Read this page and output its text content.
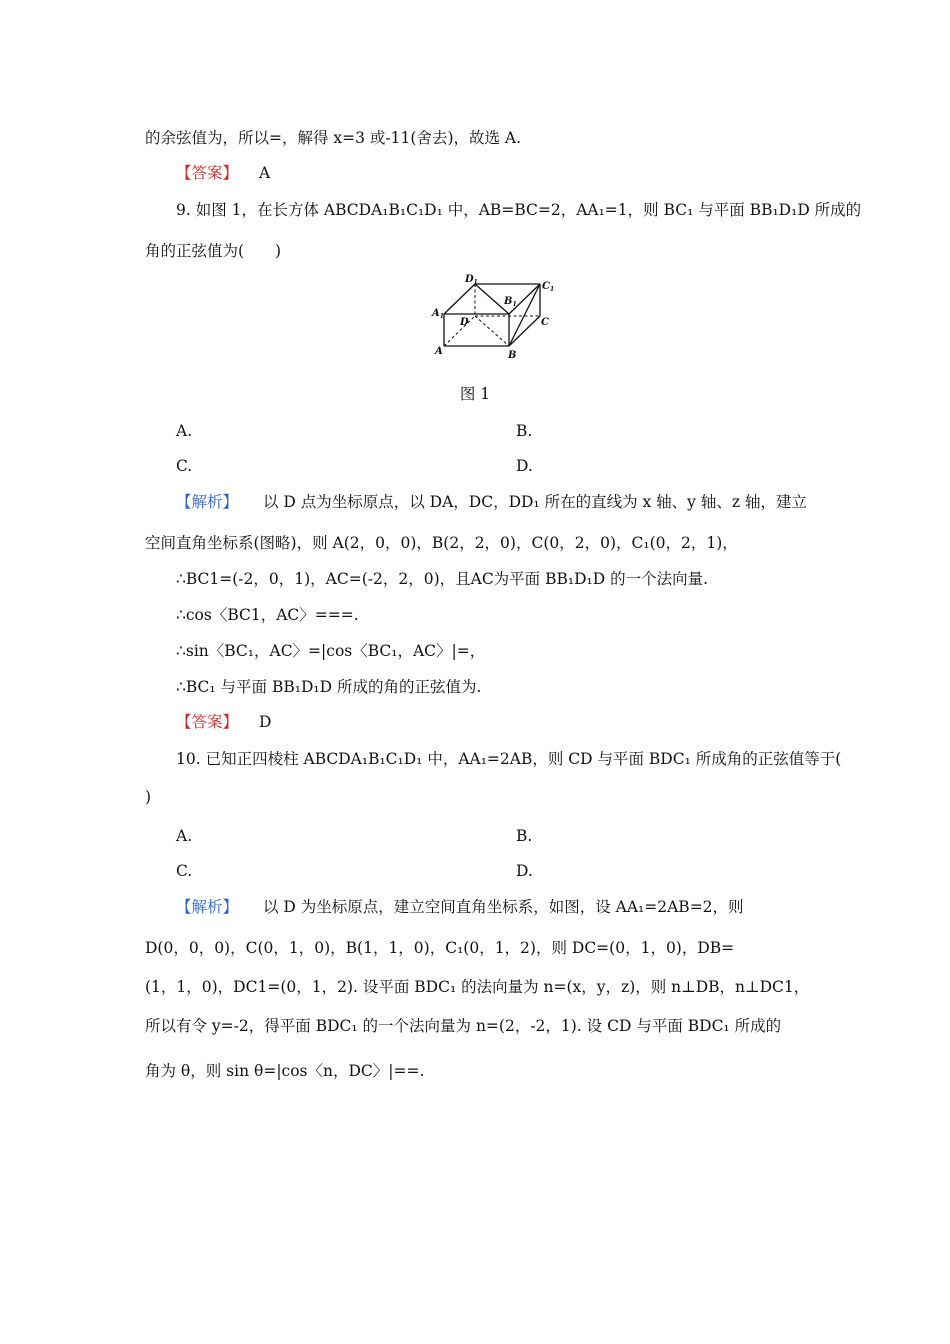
的余弦值为，所以=，解得 x=3 或-11(舍去)，故选 A.
【答案】 A
9. 如图 1，在长方体 ABCDA₁B₁C₁D₁ 中，AB=BC=2，AA₁=1，则 BC₁ 与平面 BB₁D₁D 所成的
角的正弦值为(　　)
$D_1$	$C_1$
$B_1$
$A_1$
D	C
A	B
图 1
A.	B.
C.	D.
【解析】 以 D 点为坐标原点，以 DA，DC，DD₁ 所在的直线为 x 轴、y 轴、z 轴，建立
空间直角坐标系(图略)，则 A(2，0，0)，B(2，2，0)，C(0，2，0)，C₁(0，2，1)，
∴BC1=(-2，0，1)，AC=(-2，2，0)，且AC为平面 BB₁D₁D 的一个法向量.
∴cos〈BC1，AC〉===.
∴sin〈BC₁，AC〉=|cos〈BC₁，AC〉|=，
∴BC₁ 与平面 BB₁D₁D 所成的角的正弦值为.
【答案】 D
10. 已知正四棱柱 ABCDA₁B₁C₁D₁ 中，AA₁=2AB，则 CD 与平面 BDC₁ 所成角的正弦值等于(
)
A.	B.
C.	D.
【解析】 以 D 为坐标原点，建立空间直角坐标系，如图，设 AA₁=2AB=2，则
D(0，0，0)，C(0，1，0)，B(1，1，0)，C₁(0，1，2)，则 DC=(0，1，0)，DB=
(1，1，0)，DC1=(0，1，2). 设平面 BDC₁ 的法向量为 n=(x，y，z)，则 n⊥DB，n⊥DC1，
所以有令 y=-2，得平面 BDC₁ 的一个法向量为 n=(2，-2，1). 设 CD 与平面 BDC₁ 所成的
角为 θ，则 sin θ=|cos〈n，DC〉|==.
